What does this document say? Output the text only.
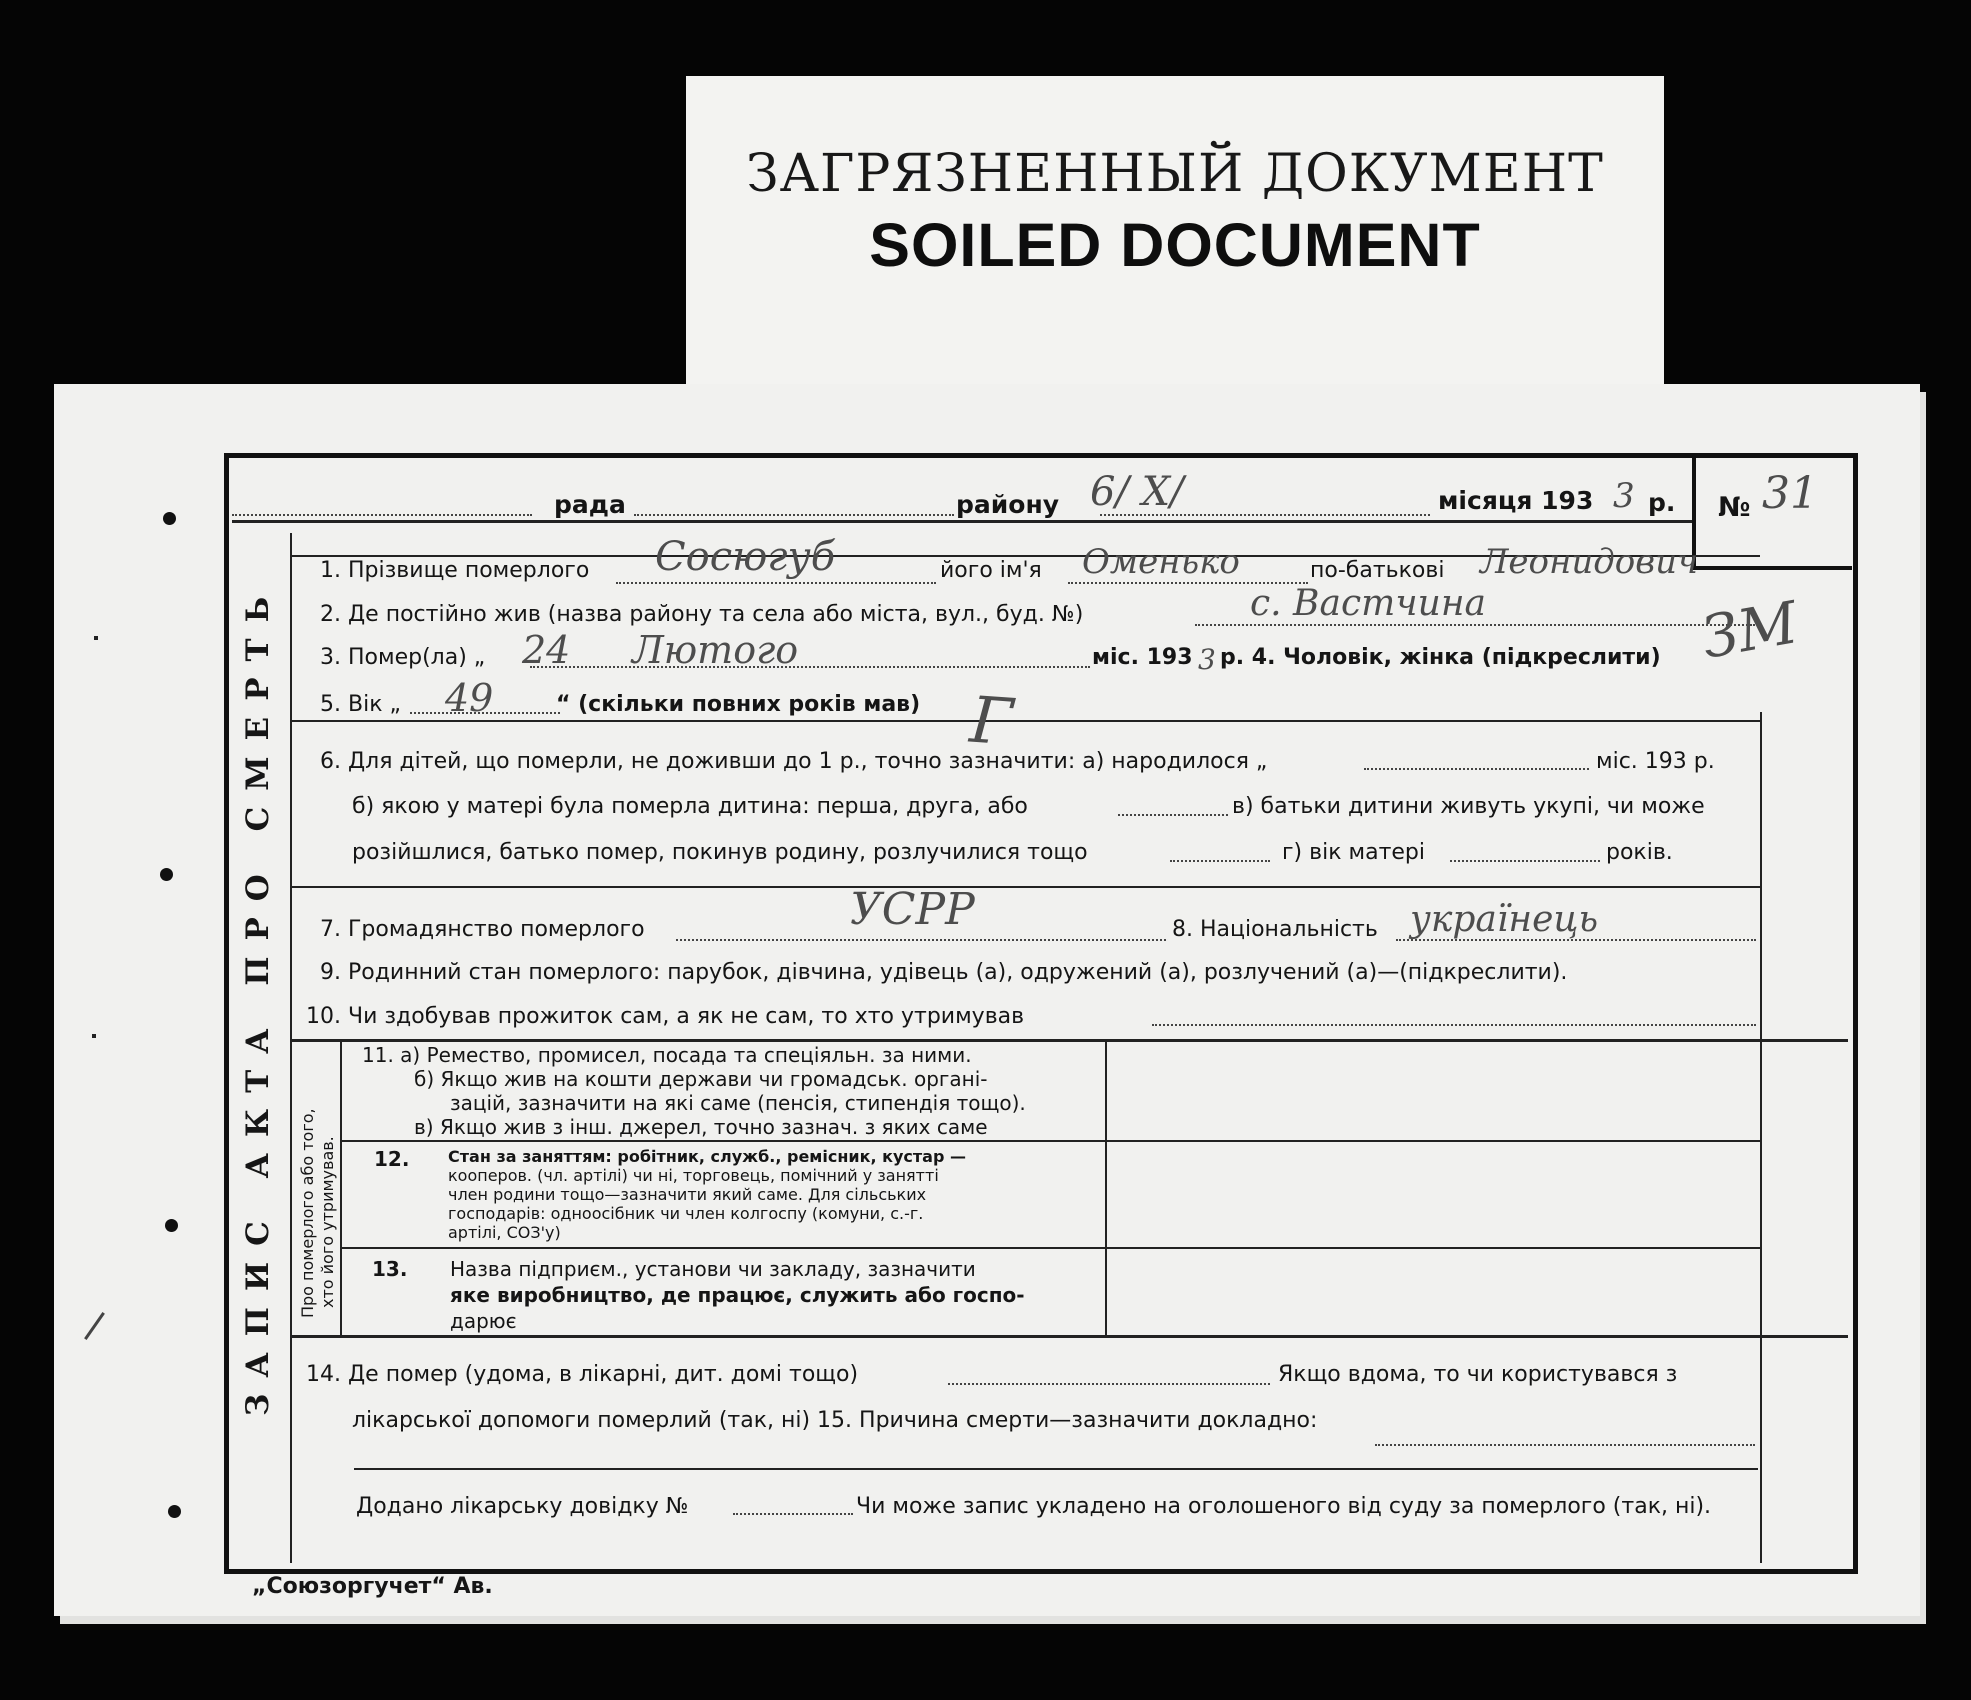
ЗАГРЯЗНЕННЫЙ ДОКУМЕНТ
SOILED DOCUMENT
ЗАПИС АКТА ПРО СМЕРТЬ Про померлого або того, хто його утримував.
рада	району 6/ X/	місяця 193 3 р. № 31
1. Прізвище померлого Сосюгуб	його ім'я Оменько	по-батькові Леонидович
2. Де постійно жив (назва району та села або міста, вул., буд. №)	с. Вастчина
3. Помер(ла) „ 24 Лютого	міс. 193 3 р. 4. Чоловік, жінка (підкреслити) ЗМ
5. Вік „ 49	“ (скільки повних років мав)
6. Для дітей, що померли, не доживши до 1 р., точно зазначити: а) народилося „	міс. 193 р.
б) якою у матері була померла дитина: перша, друга, або	в) батьки дитини живуть укупі, чи може
розійшлися, батько помер, покинув родину, розлучилися тощо	г) вік матері	років.
Г
7. Громадянство померлого	УСРР	8. Національність українець
9. Родинний стан померлого: парубок, дівчина, удівець (а), одружений (а), розлучений (а)—(підкреслити).
10. Чи здобував прожиток сам, а як не сам, то хто утримував
11. а) Ремество, промисел, посада та спеціяльн. за ними.
б) Якщо жив на кошти держави чи громадськ. органі-
зацій, зазначити на які саме (пенсія, стипендія тощо).
в) Якщо жив з інш. джерел, точно зазнач. з яких саме
12. Стан за заняттям: робітник, служб., ремісник, кустар —
коопepoв. (чл. артілі) чи ні, торговець, помічний у занятті
член родини тощо—зазначити який саме. Для сільських
господарів: одноосібник чи член колгоспу (комуни, с.-г.
артілі, СОЗ'у)
13. Назва підприєм., установи чи закладу, зазначити
яке виробництво, де працює, служить або госпо-
дарює
14. Де помер (удома, в лікарні, дит. домі тощо)	Якщо вдома, то чи користувався з
лікарської допомоги померлий (так, ні) 15. Причина смерти—зазначити докладно:
Додано лікарську довідку №	Чи може запис укладено на оголошеного від суду за померлого (так, ні).
„Союзоргучет“ Ав.
